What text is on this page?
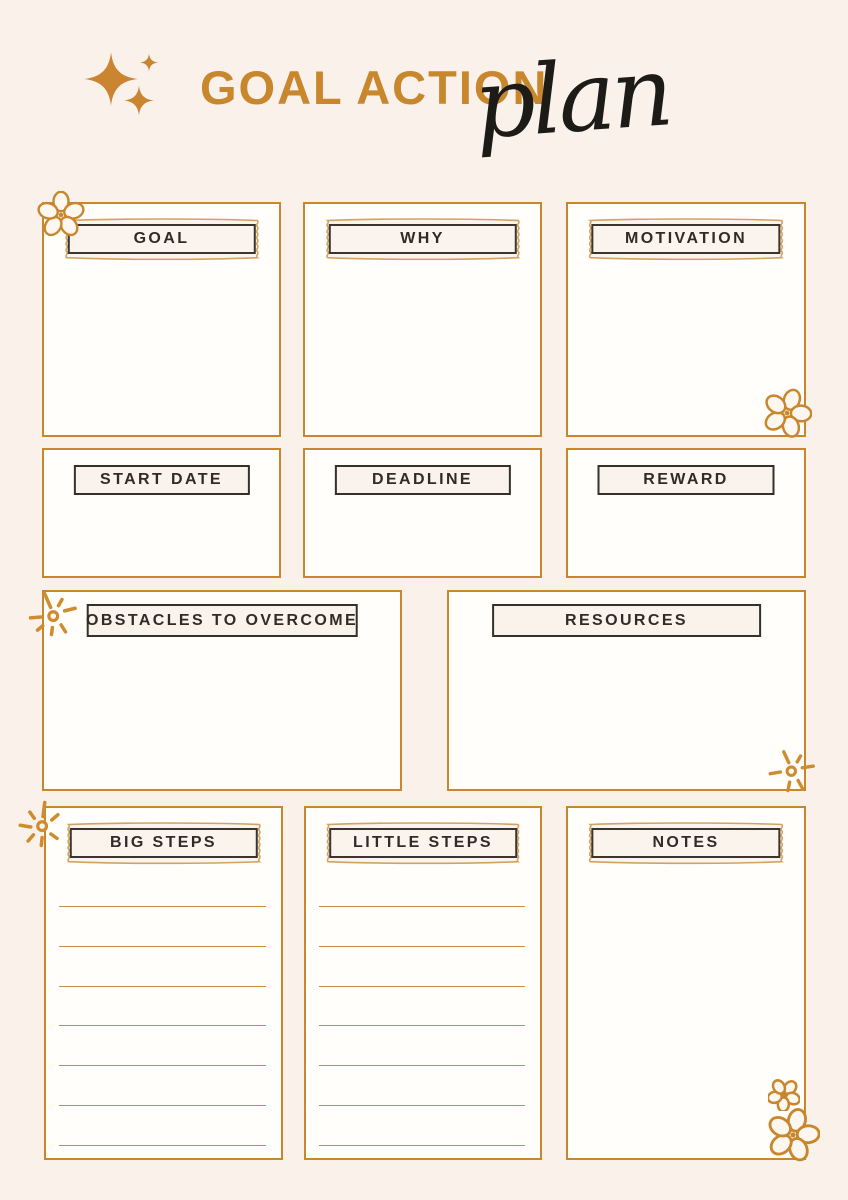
GOAL ACTION
plan
GOAL	WHY	MOTIVATION
START DATE	DEADLINE	REWARD
OBSTACLES TO OVERCOME	RESOURCES
BIG STEPS	LITTLE STEPS	NOTES
